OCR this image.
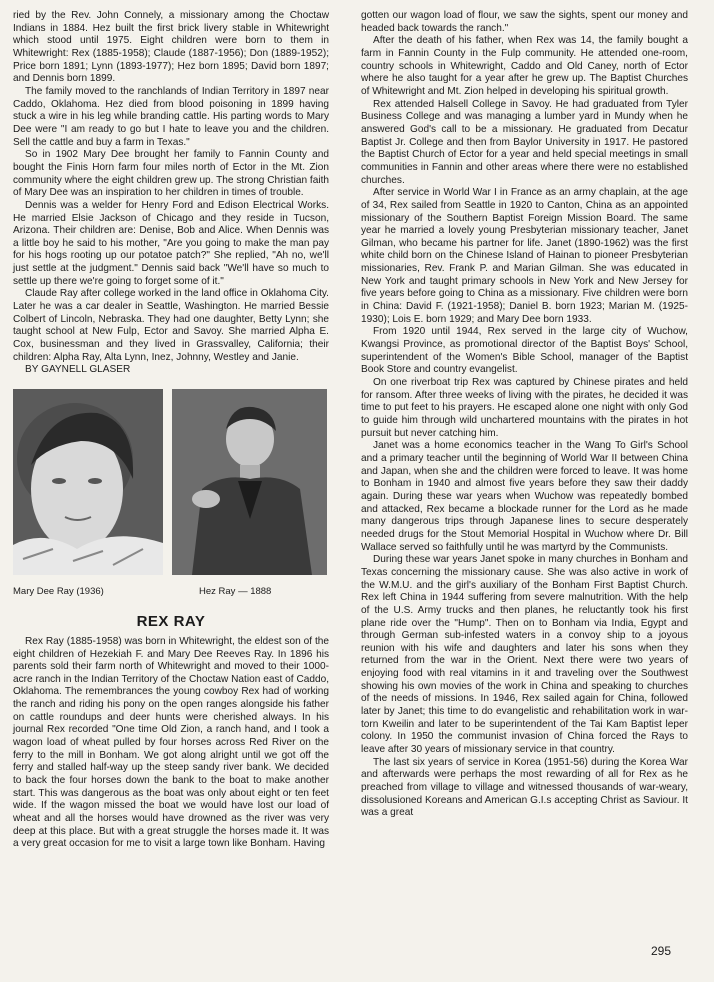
ried by the Rev. John Connely, a missionary among the Choctaw Indians in 1884. Hez built the first brick livery stable in Whitewright which stood until 1975. Eight children were born to them in Whitewright: Rex (1885-1958); Claude (1887-1956); Don (1889-1952); Price born 1891; Lynn (1893-1977); Hez born 1895; David born 1897; and Dennis born 1899.

The family moved to the ranchlands of Indian Territory in 1897 near Caddo, Oklahoma. Hez died from blood poisoning in 1899 having stuck a wire in his leg while branding cattle. His parting words to Mary Dee were "I am ready to go but I hate to leave you and the children. Sell the cattle and buy a farm in Texas."

So in 1902 Mary Dee brought her family to Fannin County and bought the Finis Horn farm four miles north of Ector in the Mt. Zion community where the eight children grew up. The strong Christian faith of Mary Dee was an inspiration to her children in times of trouble.

Dennis was a welder for Henry Ford and Edison Electrical Works. He married Elsie Jackson of Chicago and they reside in Tucson, Arizona. Their children are: Denise, Bob and Alice. When Dennis was a little boy he said to his mother, "Are you going to make the man pay for his hogs rooting up our potatoe patch?" She replied, "Ah no, we'll just settle at the judgment." Dennis said back "We'll have so much to settle up there we're going to forget some of it."

Claude Ray after college worked in the land office in Oklahoma City. Later he was a car dealer in Seattle, Washington. He married Bessie Colbert of Lincoln, Nebraska. They had one daughter, Betty Lynn; she taught school at New Fulp, Ector and Savoy. She married Alpha E. Cox, businessman and they lived in Grassvalley, California; their children: Alpha Ray, Alta Lynn, Inez, Johnny, Westley and Janie.

BY GAYNELL GLASER

Mary Dee Ray (1936)	Hez Ray — 1888
REX RAY

Rex Ray (1885-1958) was born in Whitewright, the eldest son of the eight children of Hezekiah F. and Mary Dee Reeves Ray. In 1896 his parents sold their farm north of Whitewright and moved to their 1000-acre ranch in the Indian Territory of the Choctaw Nation east of Caddo, Oklahoma. The remembrances the young cowboy Rex had of working the ranch and riding his pony on the open ranges alongside his father on cattle roundups and deer hunts were cherished always. In his journal Rex recorded "One time Old Zion, a ranch hand, and I took a wagon load of wheat pulled by four horses across Red River on the ferry to the mill in Bonham. We got along alright until we got off the ferry and stalled half-way up the steep sandy river bank. We decided to back the four horses down the bank to the boat to make another start. This was dangerous as the boat was only about eight or ten feet wide. If the wagon missed the boat we would have lost our load of wheat and all the horses would have drowned as the river was very deep at this place. But with a great struggle the horses made it. It was a very great occasion for me to visit a large town like Bonham. Having

gotten our wagon load of flour, we saw the sights, spent our money and headed back towards the ranch."

After the death of his father, when Rex was 14, the family bought a farm in Fannin County in the Fulp community. He attended one-room, country schools in Whitewright, Caddo and Old Caney, north of Ector where he also taught for a year after he grew up. The Baptist Churches of Whitewright and Mt. Zion helped in developing his spiritual growth.

Rex attended Halsell College in Savoy. He had graduated from Tyler Business College and was managing a lumber yard in Mundy when he answered God's call to be a missionary. He graduated from Decatur Baptist Jr. College and then from Baylor University in 1917. He pastored the Baptist Church of Ector for a year and held special meetings in small communities in Fannin and other areas where there were no established churches.

After service in World War I in France as an army chaplain, at the age of 34, Rex sailed from Seattle in 1920 to Canton, China as an appointed missionary of the Southern Baptist Foreign Mission Board. The same year he married a lovely young Presbyterian missionary teacher, Janet Gilman, who became his partner for life. Janet (1890-1962) was the first white child born on the Chinese Island of Hainan to pioneer Presbyterian missionaries, Rev. Frank P. and Marian Gilman. She was educated in New York and taught primary schools in New York and New Jersey for five years before going to China as a missionary. Five children were born in China: David F. (1921-1958); Daniel B. born 1923; Marian M. (1925-1930); Lois E. born 1929; and Mary Dee born 1933.

From 1920 until 1944, Rex served in the large city of Wuchow, Kwangsi Province, as promotional director of the Baptist Boys' School, superintendent of the Women's Bible School, manager of the Baptist Book Store and country evangelist.

On one riverboat trip Rex was captured by Chinese pirates and held for ransom. After three weeks of living with the pirates, he decided it was time to put feet to his prayers. He escaped alone one night with only God to guide him through wild unchartered mountains with the pirates in hot pursuit but never catching him.

Janet was a home economics teacher in the Wang To Girl's School and a primary teacher until the beginning of World War II between China and Japan, when she and the children were forced to leave. It was home to Bonham in 1940 and almost five years before they saw their daddy again. During these war years when Wuchow was repeatedly bombed and attacked, Rex became a blockade runner for the Lord as he made many dangerous trips through Japanese lines to secure desperately needed drugs for the Stout Memorial Hospital in Wuchow where Dr. Bill Wallace served so faithfully until he was martyrd by the Communists.

During these war years Janet spoke in many churches in Bonham and Texas concerning the missionary cause. She was also active in work of the W.M.U. and the girl's auxiliary of the Bonham First Baptist Church. Rex left China in 1944 suffering from severe malnutrition. With the help of the U.S. Army trucks and then planes, he reluctantly took his first plane ride over the "Hump". Then on to Bonham via India, Egypt and through German sub-infested waters in a convoy ship to a joyous reunion with his wife and daughters and later his sons when they returned from the war in the Orient. Next there were two years of enjoying food with real vitamins in it and traveling over the Southwest showing his own movies of the work in China and speaking to churches of the needs of missions. In 1946, Rex sailed again for China, followed later by Janet; this time to do evangelistic and rehabilitation work in war-torn Kweilin and later to be superintendent of the Tai Kam Baptist leper colony. In 1950 the communist invasion of China forced the Rays to leave after 30 years of missionary service in that country.

The last six years of service in Korea (1951-56) during the Korea War and afterwards were perhaps the most rewarding of all for Rex as he preached from village to village and witnessed thousands of war-weary, dissolusioned Koreans and American G.I.s accepting Christ as Saviour. It was a great

295
